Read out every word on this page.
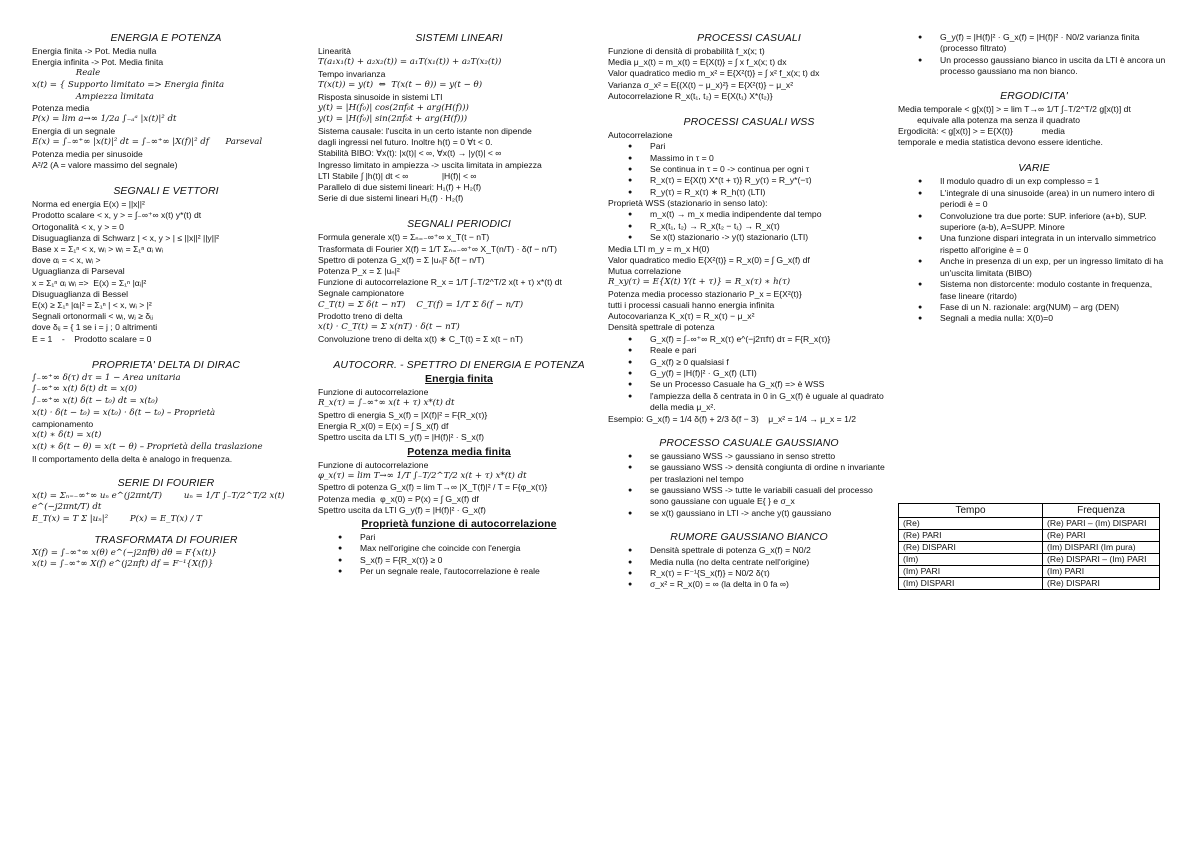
ENERGIA E POTENZA
Energia finita -> Pot. Media nulla
Energia infinita -> Pot. Media finita
Reale
x(t) = { Supporto limitato => Energia finita
Ampiezza limitata
Potenza media
P(x) = lim a→∞ 1/2a ∫₋ₐᵃ |x(t)|² dt
Energia di un segnale
E(x) = ∫₋∞⁺∞ |x(t)|² dt = ∫₋∞⁺∞ |X(f)|² df      Parseval
Potenza media per sinusoide
A²/2 (A = valore massimo del segnale)
SEGNALI E VETTORI
Norma ed energia E(x) = ||x||²
Prodotto scalare < x, y > = ∫₋∞⁺∞ x(t) y*(t) dt
Ortogonalità < x, y > = 0
Disuguaglianza di Schwarz | < x, y > | ≤ ||x||² ||y||²
Base x = Σ₁ⁿ < x, wᵢ > wᵢ = Σ₁ⁿ αᵢ wᵢ
dove αᵢ = < x, wᵢ >
Uguaglianza di Parseval
x = Σ₁ⁿ αᵢ wᵢ =>  E(x) = Σ₁ⁿ |αᵢ|²
Disuguaglianza di Bessel
E(x) ≥ Σ₁ⁿ |αᵢ|² = Σ₁ⁿ | < x, wᵢ > |²
Segnali ortonormali < wᵢ, wⱼ ≥ δᵢⱼ
dove δᵢⱼ = { 1 se i = j ; 0 altrimenti
E = 1    -    Prodotto scalare = 0
PROPRIETA' DELTA DI DIRAC
∫₋∞⁺∞ δ(τ) dτ = 1 − Area unitaria
∫₋∞⁺∞ x(t) δ(t) dt = x(0)
∫₋∞⁺∞ x(t) δ(t − t₀) dt = x(t₀)
x(t) · δ(t − t₀) = x(t₀) · δ(t − t₀) – Proprietà
campionamento
x(t) ∗ δ(t) = x(t)
x(t) ∗ δ(t − θ) = x(t − θ) – Proprietà della traslazione
Il comportamento della delta è analogo in frequenza.
SERIE DI FOURIER
x(t) = Σₙ₌₋∞⁺∞ uₙ e^(j2πnt/T)        uₙ = 1/T ∫₋T/2^T/2 x(t) e^(−j2πnt/T) dt
E_T(x) = T Σ |uₙ|²        P(x) = E_T(x) / T
TRASFORMATA DI FOURIER
X(f) = ∫₋∞⁺∞ x(θ) e^(−j2πfθ) dθ = F{x(t)}
x(t) = ∫₋∞⁺∞ X(f) e^(j2πft) df = F⁻¹{X(f)}
SISTEMI LINEARI
Linearità
T(a₁x₁(t) + a₂x₂(t)) = a₁T(x₁(t)) + a₂T(x₂(t))
Tempo invarianza
T(x(t)) = y(t)  ⇔  T(x(t − θ)) = y(t − θ)
Risposta sinusoide in sistemi LTI
y(t) = |H(f₀)| cos(2πf₀t + arg(H(f)))
y(t) = |H(f₀)| sin(2πf₀t + arg(H(f)))
Sistema causale: l'uscita in un certo istante non dipende
dagli ingressi nel futuro. Inoltre h(t) = 0 ∀t < 0.
Stabilità BIBO: ∀x(t): |x(t)| < ∞, ∀x(t) → |y(t)| < ∞
Ingresso limitato in ampiezza -> uscita limitata in ampiezza
LTI Stabile ∫ |h(t)| dt < ∞              |H(f)| < ∞
Parallelo di due sistemi lineari: H₁(f) + H₂(f)
Serie di due sistemi lineari H₁(f) · H₂(f)
SEGNALI PERIODICI
Formula generale x(t) = Σₙ₌₋∞⁺∞ x_T(t − nT)
Trasformata di Fourier X(f) = 1/T Σₙ₌₋∞⁺∞ X_T(n/T) · δ(f − n/T)
Spettro di potenza G_x(f) = Σ |uₙ|² δ(f − n/T)
Potenza P_x = Σ |uₙ|²
Funzione di autocorrelazione R_x = 1/T ∫₋T/2^T/2 x(t + τ) x*(t) dt
Segnale campionatore
C_T(t) = Σ δ(t − nT)    C_T(f) = 1/T Σ δ(f − n/T)
Prodotto treno di delta
x(t) · C_T(t) = Σ x(nT) · δ(t − nT)
Convoluzione treno di delta x(t) ∗ C_T(t) = Σ x(t − nT)
AUTOCORR. - SPETTRO DI ENERGIA E POTENZA
Energia finita
Funzione di autocorrelazione
R_x(τ) = ∫₋∞⁺∞ x(t + τ) x*(t) dt
Spettro di energia S_x(f) = |X(f)|² = F{R_x(τ)}
Energia R_x(0) = E(x) = ∫ S_x(f) df
Spettro uscita da LTI S_y(f) = |H(f)|² · S_x(f)
Potenza media finita
Funzione di autocorrelazione
φ_x(τ) = lim T→∞ 1/T ∫₋T/2^T/2 x(t + τ) x*(t) dt
Spettro di potenza G_x(f) = lim T→∞ |X_T(f)|² / T = F{φ_x(τ)}
Potenza media  φ_x(0) = P(x) = ∫ G_x(f) df
Spettro uscita da LTI G_y(f) = |H(f)|² · G_x(f)
Proprietà funzione di autocorrelazione
● Pari
● Max nell'origine che coincide con l'energia
● S_x(f) = F{R_x(τ)} ≥ 0
● Per un segnale reale, l'autocorrelazione è reale
PROCESSI CASUALI
Funzione di densità di probabilità f_x(x; t)
Media μ_x(t) = m_x(t) = E{X(t)} = ∫ x f_x(x; t) dx
Valor quadratico medio m_x² = E{X²(t)} = ∫ x² f_x(x; t) dx
Varianza σ_x² = E{(X(t) − μ_x)²} = E{X²(t)} − μ_x²
Autocorrelazione R_x(t₁, t₂) = E{X(t₁) X*(t₂)}
PROCESSI CASUALI WSS
Autocorrelazione
● Pari
● Massimo in τ = 0
● Se continua in τ = 0 -> continua per ogni τ
● R_x(τ) = E{X(t) X*(t + τ)} R_y(τ) = R_y*(−τ)
● R_y(τ) = R_x(τ) ∗ R_h(τ) (LTI)
Proprietà WSS (stazionario in senso lato):
● m_x(t) → m_x media indipendente dal tempo
● R_x(t₁, t₂) → R_x(t₂ − t₁) → R_x(τ)
● Se x(t) stazionario -> y(t) stazionario (LTI)
Media LTI m_y = m_x H(0)
Valor quadratico medio E{X²(t)} = R_x(0) = ∫ G_x(f) df
Mutua correlazione
R_xy(τ) = E{X(t) Y(t + τ)} = R_x(τ) ∗ h(τ)
Potenza media processo stazionario P_x = E{X²(t)}
tutti i processi casuali hanno energia infinita
Autocovarianza K_x(τ) = R_x(τ) − μ_x²
Densità spettrale di potenza
● G_x(f) = ∫₋∞⁺∞ R_x(τ) e^(−j2πfτ) dτ = F{R_x(τ)}
● Reale e pari
● G_x(f) ≥ 0 qualsiasi f
● G_y(f) = |H(f)|² · G_x(f) (LTI)
● Se un Processo Casuale ha G_x(f) => è WSS
● l'ampiezza della δ centrata in 0 in G_x(f) è uguale al quadrato della media μ_x².
Esempio: G_x(f) = 1/4 δ(f) + 2/3 δ(f − 3)    μ_x² = 1/4 → μ_x = 1/2
PROCESSO CASUALE GAUSSIANO
● se gaussiano WSS -> gaussiano in senso stretto
● se gaussiano WSS -> densità congiunta di ordine n invariante per traslazioni nel tempo
● se gaussiano WSS -> tutte le variabili casuali del processo sono gaussiane con uguale E{ } e σ_x
● se x(t) gaussiano in LTI -> anche y(t) gaussiano
RUMORE GAUSSIANO BIANCO
● Densità spettrale di potenza G_x(f) = N0/2
● Media nulla (no delta centrate nell'origine)
● R_x(τ) = F⁻¹{S_x(f)} = N0/2 δ(τ)
● σ_x² = R_x(0) = ∞ (la delta in 0 fa ∞)
● G_y(f) = |H(f)|² · G_x(f) = |H(f)|² · N0/2 varianza finita (processo filtrato)
● Un processo gaussiano bianco in uscita da LTI è ancora un processo gaussiano ma non bianco.
ERGODICITA'
Media temporale < g[x(t)] > = lim T→∞ 1/T ∫₋T/2^T/2 g[x(t)] dt
equivale alla potenza ma senza il quadrato
Ergodicità: < g[x(t)] > = E{X(t)}            media
temporale e media statistica devono essere identiche.
VARIE
● Il modulo quadro di un exp complesso = 1
● L'integrale di una sinusoide (area) in un numero intero di periodi è = 0
● Convoluzione tra due porte: SUP. inferiore (a+b), SUP. superiore (a-b), A=SUPP. Minore
● Una funzione dispari integrata in un intervallo simmetrico rispetto all'origine è = 0
● Anche in presenza di un exp, per un ingresso limitato di ha un'uscita limitata (BIBO)
● Sistema non distorcente: modulo costante in frequenza, fase lineare (ritardo)
● Fase di un N. razionale: arg(NUM) – arg (DEN)
● Segnali a media nulla: X(0)=0
Tempo	Frequenza
(Re)	(Re) PARI – (Im) DISPARI
(Re) PARI	(Re) PARI
(Re) DISPARI	(Im) DISPARI (Im pura)
(Im)	(Re) DISPARI – (Im) PARI
(Im) PARI	(Im) PARI
(Im) DISPARI	(Re) DISPARI
